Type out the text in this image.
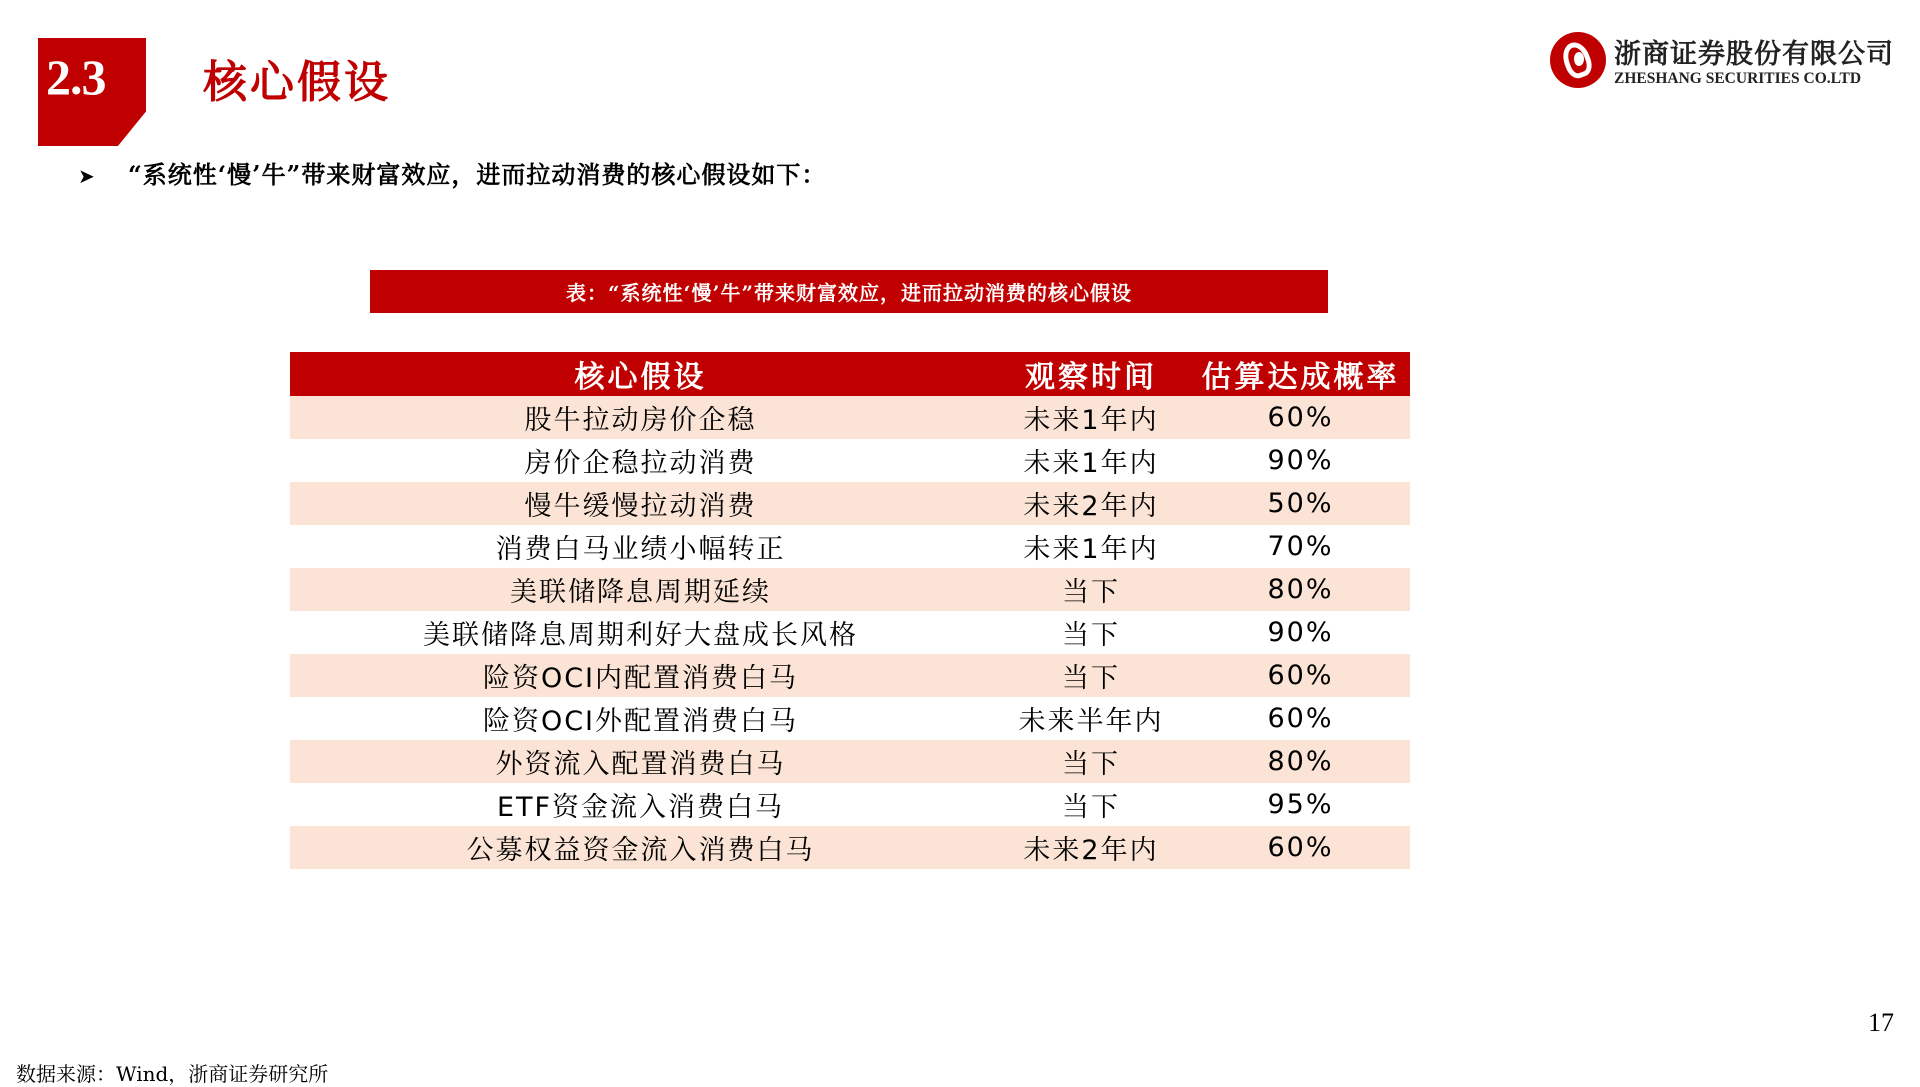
2.3 核心假设
浙商证券股份有限公司
ZHESHANG SECURITIES CO.LTD
➤ “系统性‘慢’牛”带来财富效应，进而拉动消费的核心假设如下：
表：“系统性‘慢’牛”带来财富效应，进而拉动消费的核心假设
核心假设	观察时间	估算达成概率
股牛拉动房价企稳	未来1年内	60%
房价企稳拉动消费	未来1年内	90%
慢牛缓慢拉动消费	未来2年内	50%
消费白马业绩小幅转正	未来1年内	70%
美联储降息周期延续	当下	80%
美联储降息周期利好大盘成长风格	当下	90%
险资OCI内配置消费白马	当下	60%
险资OCI外配置消费白马	未来半年内	60%
外资流入配置消费白马	当下	80%
ETF资金流入消费白马	当下	95%
公募权益资金流入消费白马	未来2年内	60%
17
数据来源：Wind，浙商证券研究所
